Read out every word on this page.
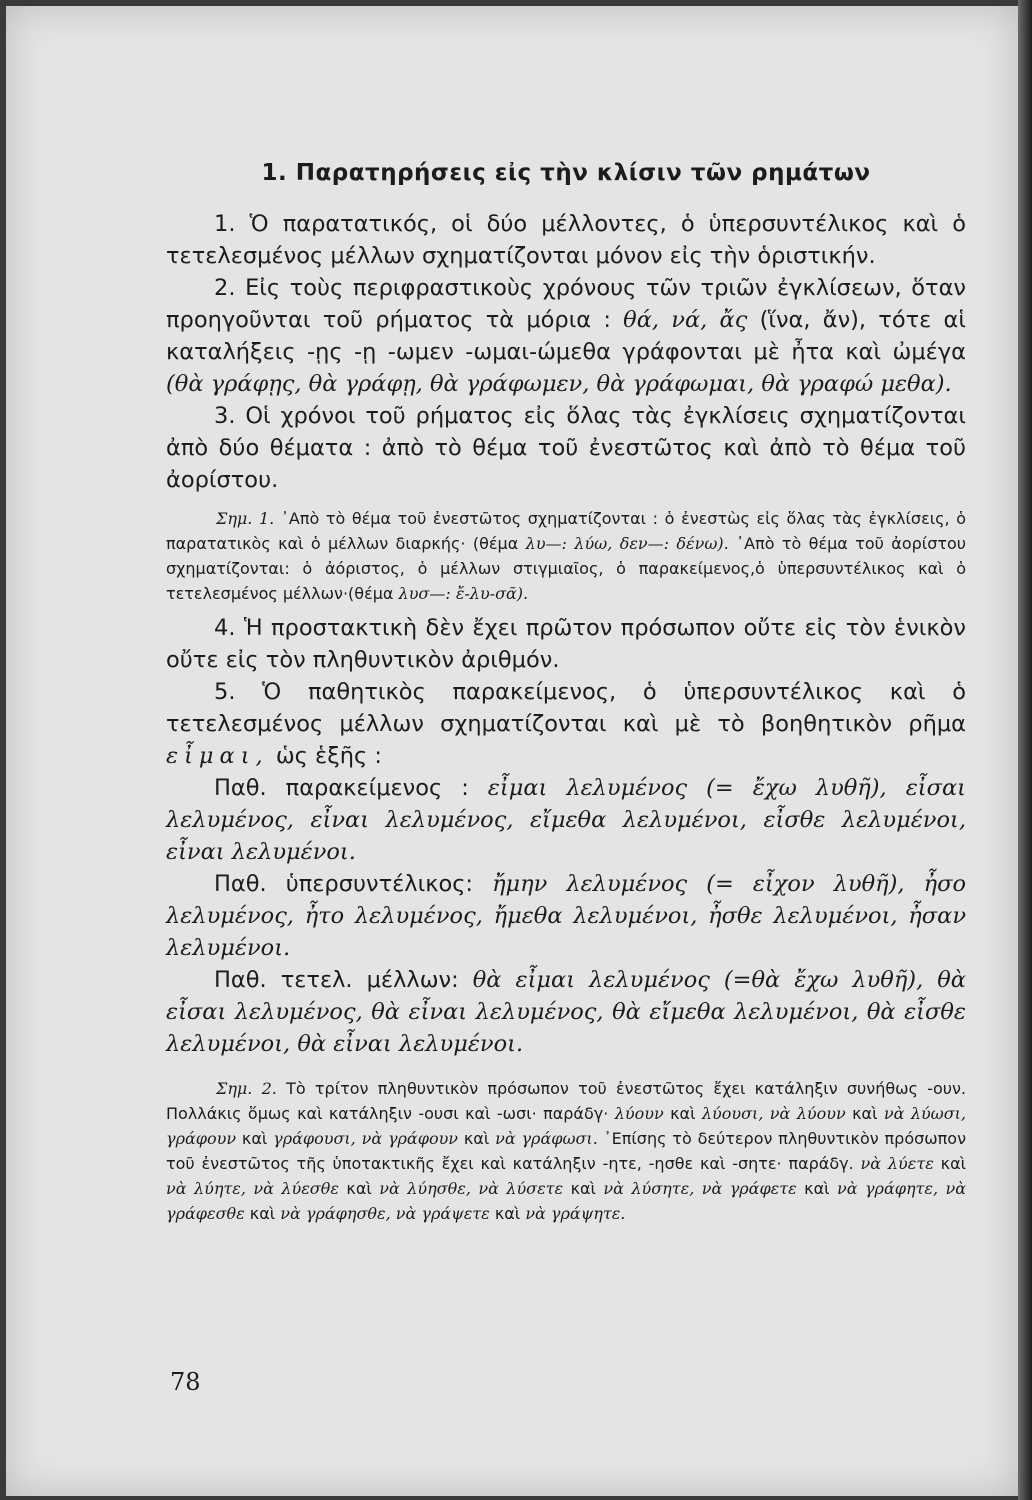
1. Παρατηρήσεις εἰς τὴν κλίσιν τῶν ρημάτων

1. Ὁ παρατατικός, οἱ δύο μέλλοντες, ὁ ὑπερσυντέλικος καὶ ὁ τετελεσμένος μέλλων σχηματίζονται μόνον εἰς τὴν ὁριστικήν.

2. Εἰς τοὺς περιφραστικοὺς χρόνους τῶν τριῶν ἐγκλίσεων, ὅταν προηγοῦνται τοῦ ρήματος τὰ μόρια : θά, νά, ἄς (ἵνα, ἄν), τότε αἱ καταλήξεις -ῃς -ῃ -ωμεν -ωμαι-ώμεθα γράφονται μὲ ἦτα καὶ ὠμέγα (θὰ γράφῃς, θὰ γράφῃ, θὰ γράφωμεν, θὰ γράφωμαι, θὰ γραφώ μεθα).

3. Οἱ χρόνοι τοῦ ρήματος εἰς ὅλας τὰς ἐγκλίσεις σχηματίζονται ἀπὸ δύο θέματα : ἀπὸ τὸ θέμα τοῦ ἐνεστῶτος καὶ ἀπὸ τὸ θέμα τοῦ ἀορίστου.

Σημ. 1. ᾿Απὸ τὸ θέμα τοῦ ἐνεστῶτος σχηματίζονται : ὁ ἐνεστὼς εἰς ὅλας τὰς ἐγκλίσεις, ὁ παρατατικὸς καὶ ὁ μέλλων διαρκής· (θέμα λυ—: λύω, δεν—: δένω). ᾿Απὸ τὸ θέμα τοῦ ἀορίστου σχηματίζονται: ὁ ἀόριστος, ὁ μέλλων στιγμιαῖος, ὁ παρακείμενος,ὁ ὑπερσυντέλικος καὶ ὁ τετελεσμένος μέλλων·(θέμα λυσ—: ἔ-λυ-σᾶ).

4. Ἡ προστακτικὴ δὲν ἔχει πρῶτον πρόσωπον οὔτε εἰς τὸν ἑνικὸν οὔτε εἰς τὸν πληθυντικὸν ἀριθμόν.

5. Ὁ παθητικὸς παρακείμενος, ὁ ὑπερσυντέλικος καὶ ὁ τετελεσμένος μέλλων σχηματίζονται καὶ μὲ τὸ βοηθητικὸν ρῆμα εἶμαι, ὡς ἑξῆς :

Παθ. παρακείμενος : εἶμαι λελυμένος (= ἔχω λυθῆ), εἶσαι λελυμένος, εἶναι λελυμένος, εἴμεθα λελυμένοι, εἶσθε λελυμένοι, εἶναι λελυμένοι.

Παθ. ὑπερσυντέλικος: ἤμην λελυμένος (= εἶχον λυθῆ), ἦσο λελυμένος, ἦτο λελυμένος, ἤμεθα λελυμένοι, ἦσθε λελυμένοι, ἦσαν λελυμένοι.

Παθ. τετελ. μέλλων: θὰ εἶμαι λελυμένος (=θὰ ἔχω λυθῆ), θὰ εἶσαι λελυμένος, θὰ εἶναι λελυμένος, θὰ εἴμεθα λελυμένοι, θὰ εἶσθε λελυμένοι, θὰ εἶναι λελυμένοι.

Σημ. 2. Τὸ τρίτον πληθυντικὸν πρόσωπον τοῦ ἐνεστῶτος ἔχει κατάληξιν συνήθως -ουν. Πολλάκις ὅμως καὶ κατάληξιν -ουσι καὶ -ωσι· παράδγ· λύουν καὶ λύουσι, νὰ λύουν καὶ νὰ λύωσι, γράφουν καὶ γράφουσι, νὰ γράφουν καὶ νὰ γράφωσι. ᾿Επίσης τὸ δεύτερον πληθυντικὸν πρόσωπον τοῦ ἐνεστῶτος τῆς ὑποτακτικῆς ἔχει καὶ κατάληξιν -ητε, -ησθε καὶ -σητε· παράδγ. νὰ λύετε καὶ νὰ λύητε, νὰ λύεσθε καὶ νὰ λύησθε, νὰ λύσετε καὶ νὰ λύσητε, νὰ γράφετε καὶ νὰ γράφητε, νὰ γράφεσθε καὶ νὰ γράφησθε, νὰ γράψετε καὶ νὰ γράψητε.

78
